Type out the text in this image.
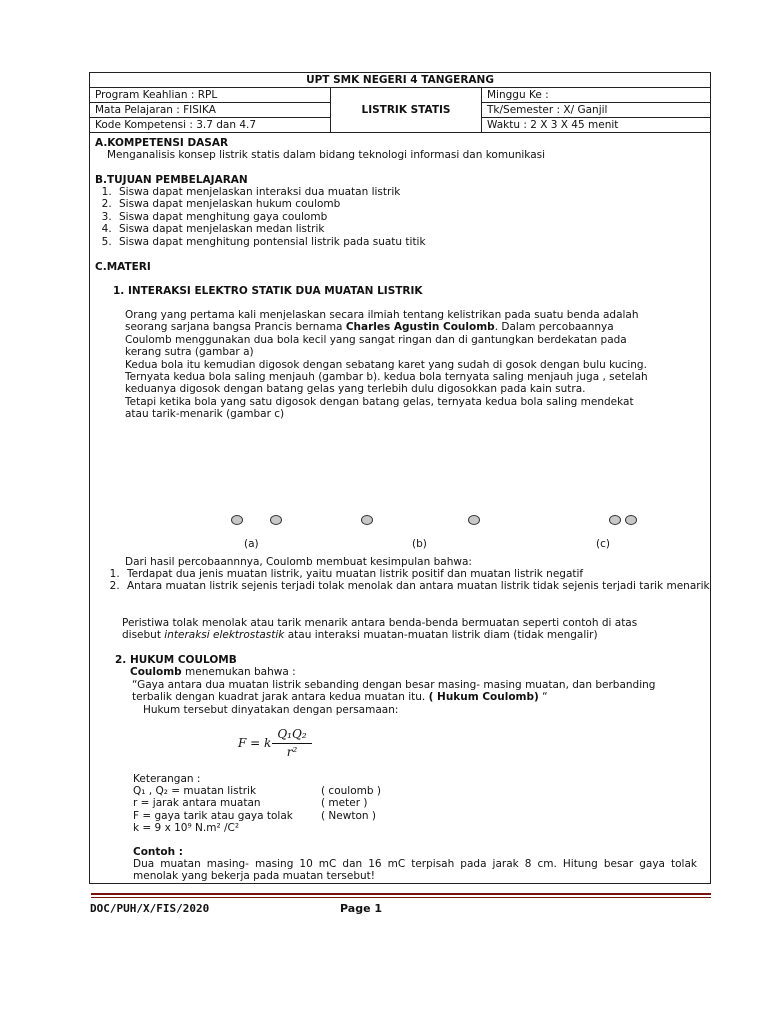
UPT SMK NEGERI 4 TANGERANG		
Program Keahlian : RPL	LISTRIK STATIS	Minggu Ke :
Mata Pelajaran : FISIKA		Tk/Semester : X/ Ganjil
Kode Kompetensi : 3.7 dan 4.7		Waktu : 2 X 3 X 45 menit
A.KOMPETENSI DASAR
Menganalisis konsep listrik statis dalam bidang teknologi informasi dan komunikasi
B.TUJUAN PEMBELAJARAN
1. Siswa dapat menjelaskan interaksi dua muatan listrik
2. Siswa dapat menjelaskan hukum coulomb
3. Siswa dapat menghitung gaya coulomb
4. Siswa dapat menjelaskan medan listrik
5. Siswa dapat menghitung pontensial listrik pada suatu titik
C.MATERI
1. INTERAKSI ELEKTRO STATIK DUA MUATAN LISTRIK
Orang yang pertama kali menjelaskan secara ilmiah tentang kelistrikan pada suatu benda adalah seorang sarjana bangsa Prancis bernama Charles Agustin Coulomb. Dalam percobaannya Coulomb menggunakan dua bola kecil yang sangat ringan dan di gantungkan berdekatan pada kerang sutra (gambar a)
Kedua bola itu kemudian digosok dengan sebatang karet yang sudah di gosok dengan bulu kucing. Ternyata kedua bola saling menjauh (gambar b). kedua bola ternyata saling menjauh juga , setelah keduanya digosok dengan batang gelas yang terlebih dulu digosokkan pada kain sutra.
Tetapi ketika bola yang satu digosok dengan batang gelas, ternyata kedua bola saling mendekat atau tarik-menarik (gambar c)
(a)	(b)	(c)
Dari hasil percobaannnya, Coulomb membuat kesimpulan bahwa:
1. Terdapat dua jenis muatan listrik, yaitu muatan listrik positif dan muatan listrik negatif
2. Antara muatan listrik sejenis terjadi tolak menolak dan antara muatan listrik tidak sejenis terjadi tarik menarik
Peristiwa tolak menolak atau tarik menarik antara benda-benda bermuatan seperti contoh di atas disebut interaksi elektrostastik atau interaksi muatan-muatan listrik diam (tidak mengalir)
2. HUKUM COULOMB
Coulomb menemukan bahwa :
“Gaya antara dua muatan listrik sebanding dengan besar masing- masing muatan, dan berbanding terbalik dengan kuadrat jarak antara kedua muatan itu. ( Hukum Coulomb) “
Hukum tersebut dinyatakan dengan persamaan:
F = k
Q₁Q₂
r²
Keterangan :
Q₁ , Q₂ = muatan listrik	( coulomb )
r = jarak antara muatan	( meter )
F = gaya tarik atau gaya tolak	( Newton )
k = 9 x 10⁹ N.m² /C²
Contoh :
Dua muatan masing- masing 10 mC dan 16 mC terpisah pada jarak 8 cm. Hitung besar gaya tolak menolak yang bekerja pada muatan tersebut!
DOC/PUH/X/FIS/2020	Page 1
